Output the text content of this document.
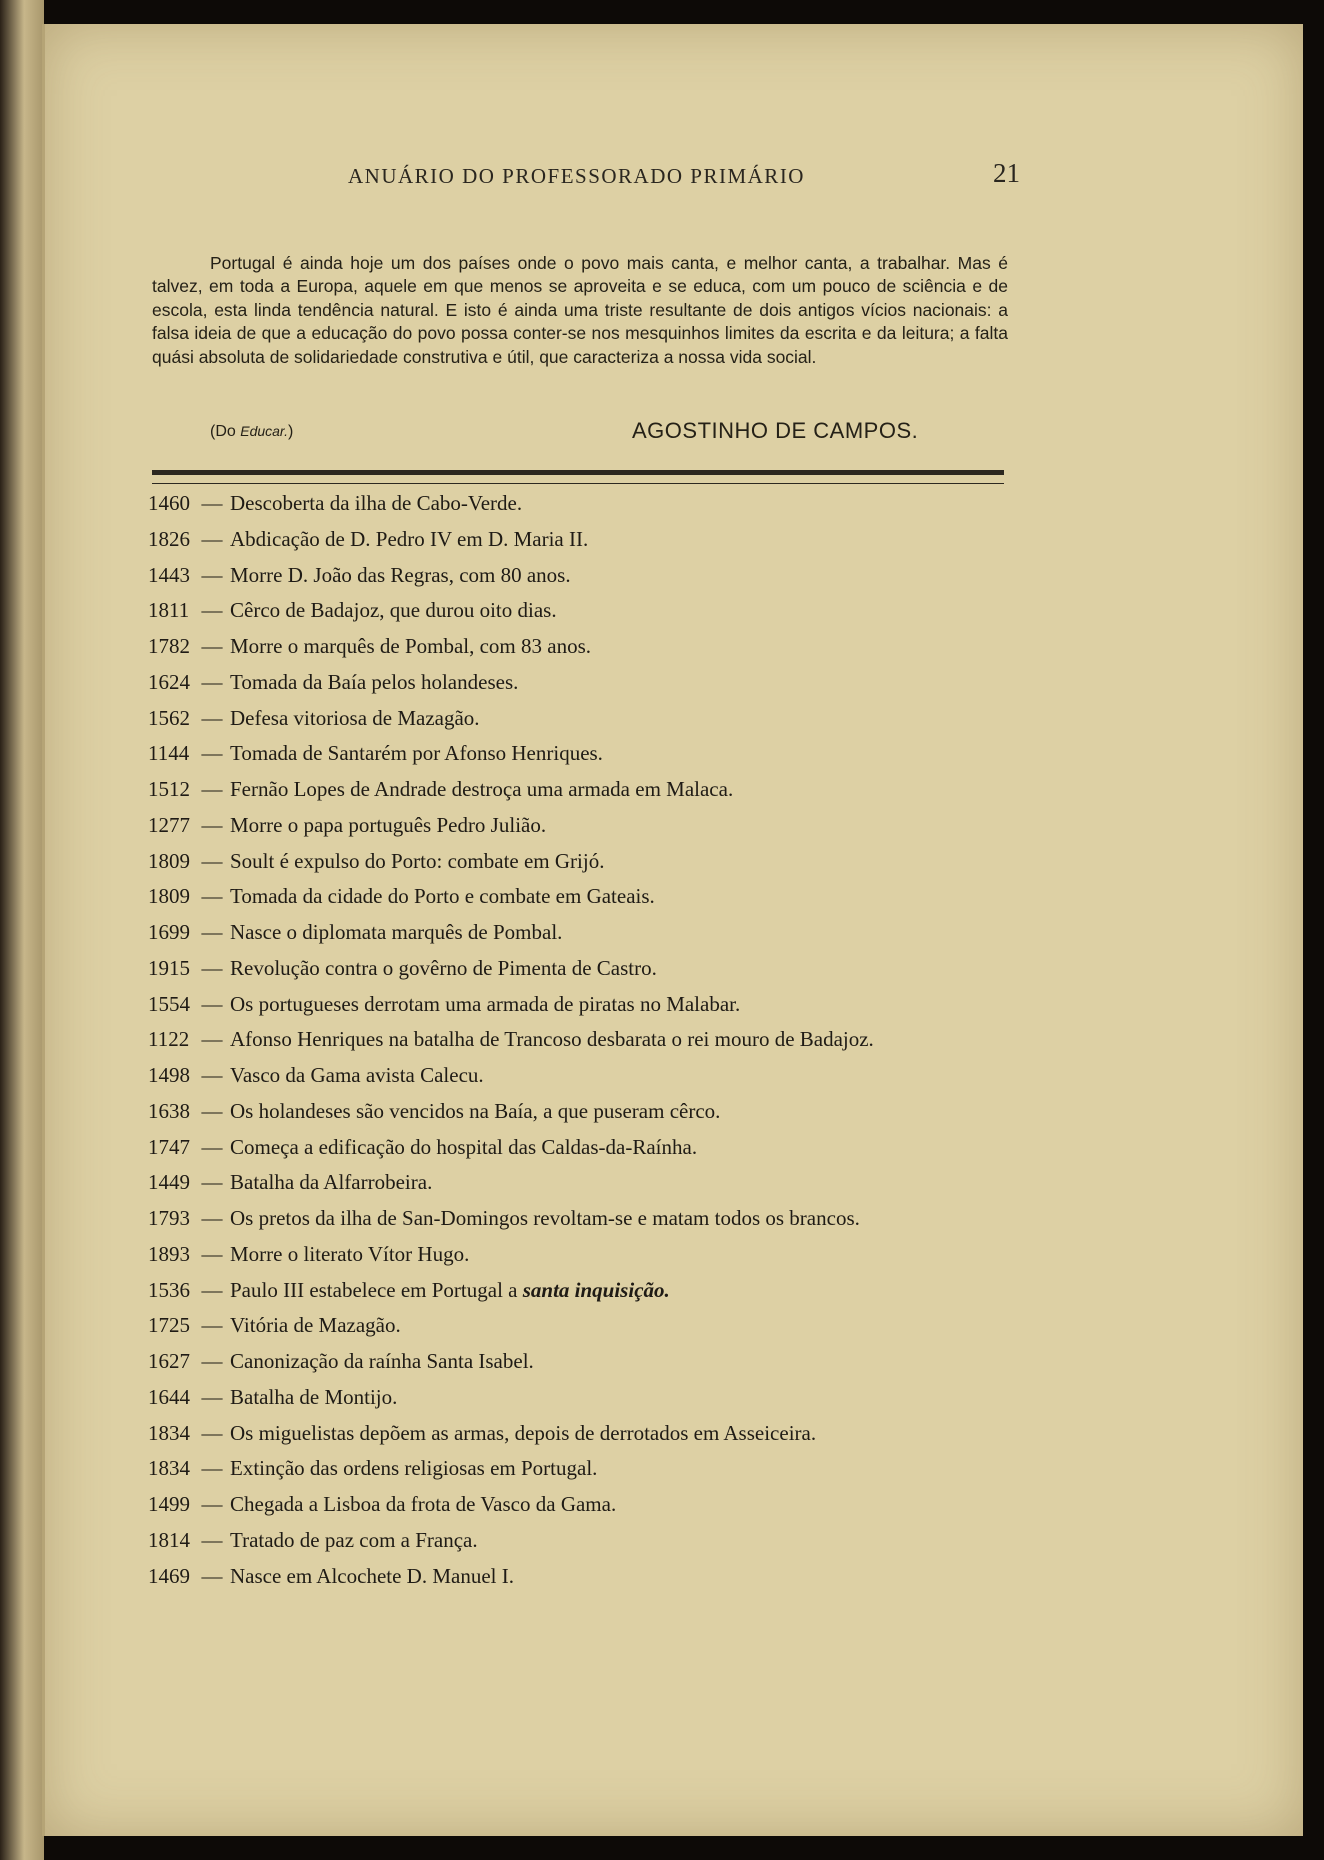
ANUÁRIO DO PROFESSORADO PRIMÁRIO	21

Portugal é ainda hoje um dos países onde o povo mais canta, e melhor canta, a trabalhar. Mas é talvez, em toda a Europa, aquele em que menos se aproveita e se educa, com um pouco de sciência e de escola, esta linda tendência natural. E isto é ainda uma triste resultante de dois antigos vícios nacionais: a falsa ideia de que a educação do povo possa conter-se nos mesquinhos limites da escrita e da leitura; a falta quási absoluta de solidariedade construtiva e útil, que caracteriza a nossa vida social.

(Do Educar.)	AGOSTINHO DE CAMPOS.
1460 — Descoberta da ilha de Cabo-Verde.
1826 — Abdicação de D. Pedro IV em D. Maria II.
1443 — Morre D. João das Regras, com 80 anos.
1811 — Cêrco de Badajoz, que durou oito dias.
1782 — Morre o marquês de Pombal, com 83 anos.
1624 — Tomada da Baía pelos holandeses.
1562 — Defesa vitoriosa de Mazagão.
1144 — Tomada de Santarém por Afonso Henriques.
1512 — Fernão Lopes de Andrade destroça uma armada em Malaca.
1277 — Morre o papa português Pedro Julião.
1809 — Soult é expulso do Porto: combate em Grijó.
1809 — Tomada da cidade do Porto e combate em Gateais.
1699 — Nasce o diplomata marquês de Pombal.
1915 — Revolução contra o govêrno de Pimenta de Castro.
1554 — Os portugueses derrotam uma armada de piratas no Malabar.
1122 — Afonso Henriques na batalha de Trancoso desbarata o rei mouro de Badajoz.
1498 — Vasco da Gama avista Calecu.
1638 — Os holandeses são vencidos na Baía, a que puseram cêrco.
1747 — Começa a edificação do hospital das Caldas-da-Raínha.
1449 — Batalha da Alfarrobeira.
1793 — Os pretos da ilha de San-Domingos revoltam-se e matam todos os brancos.
1893 — Morre o literato Vítor Hugo.
1536 — Paulo III estabelece em Portugal a santa inquisição.
1725 — Vitória de Mazagão.
1627 — Canonização da raínha Santa Isabel.
1644 — Batalha de Montijo.
1834 — Os miguelistas depõem as armas, depois de derrotados em Asseiceira.
1834 — Extinção das ordens religiosas em Portugal.
1499 — Chegada a Lisboa da frota de Vasco da Gama.
1814 — Tratado de paz com a França.
1469 — Nasce em Alcochete D. Manuel I.
